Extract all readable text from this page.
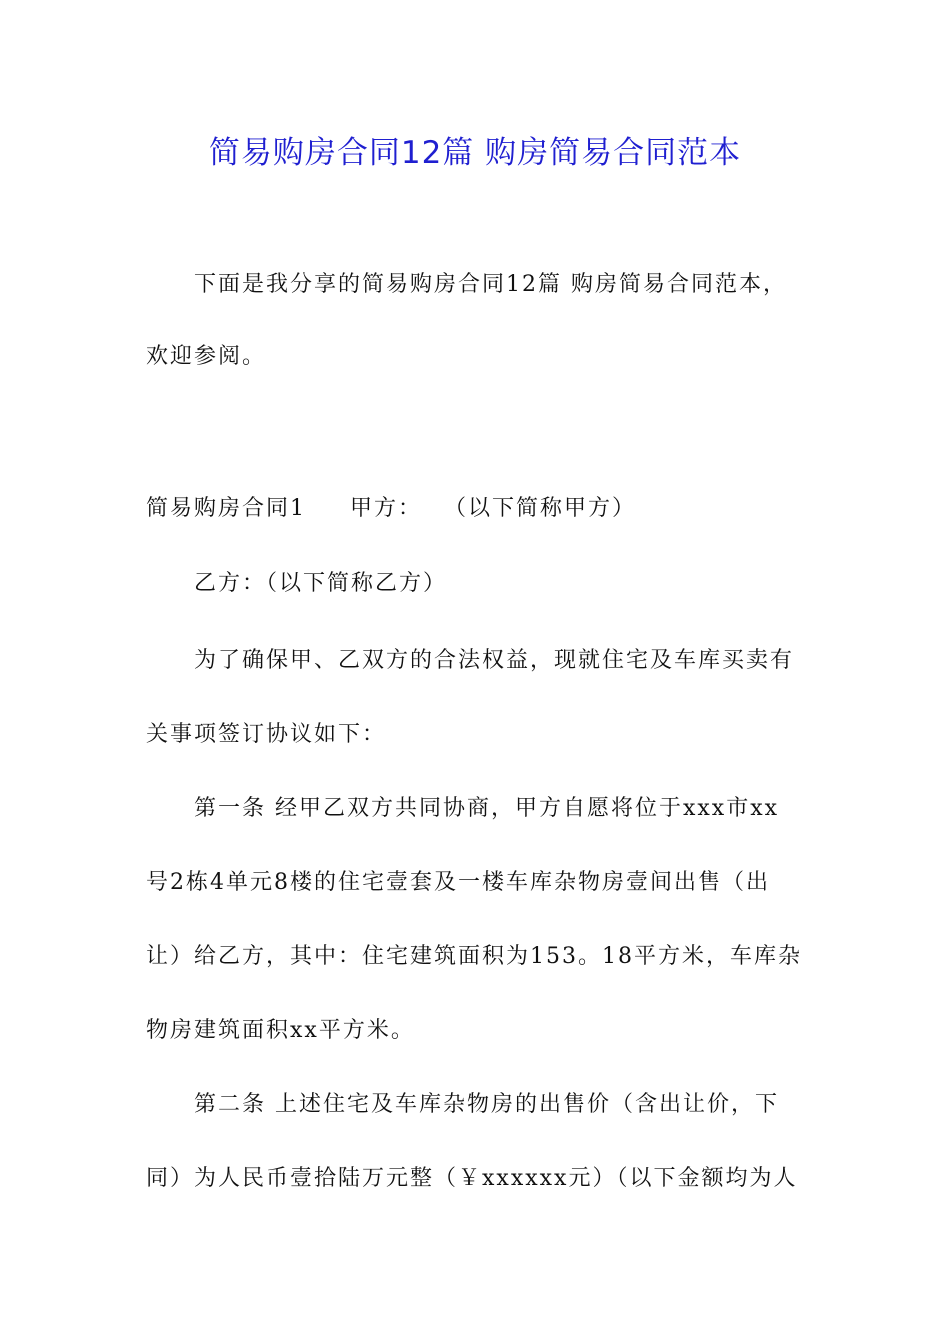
简易购房合同12篇 购房简易合同范本
下面是我分享的简易购房合同12篇 购房简易合同范本，
欢迎参阅。
简易购房合同1 甲方： （以下简称甲方）
乙方：（以下简称乙方）
为了确保甲、乙双方的合法权益，现就住宅及车库买卖有
关事项签订协议如下：
第一条 经甲乙双方共同协商，甲方自愿将位于xxx市xx
号2栋4单元8楼的住宅壹套及一楼车库杂物房壹间出售（出
让）给乙方，其中：住宅建筑面积为153。18平方米，车库杂
物房建筑面积xx平方米。
第二条 上述住宅及车库杂物房的出售价（含出让价，下
同）为人民币壹拾陆万元整（￥xxxxxx元）（以下金额均为人
